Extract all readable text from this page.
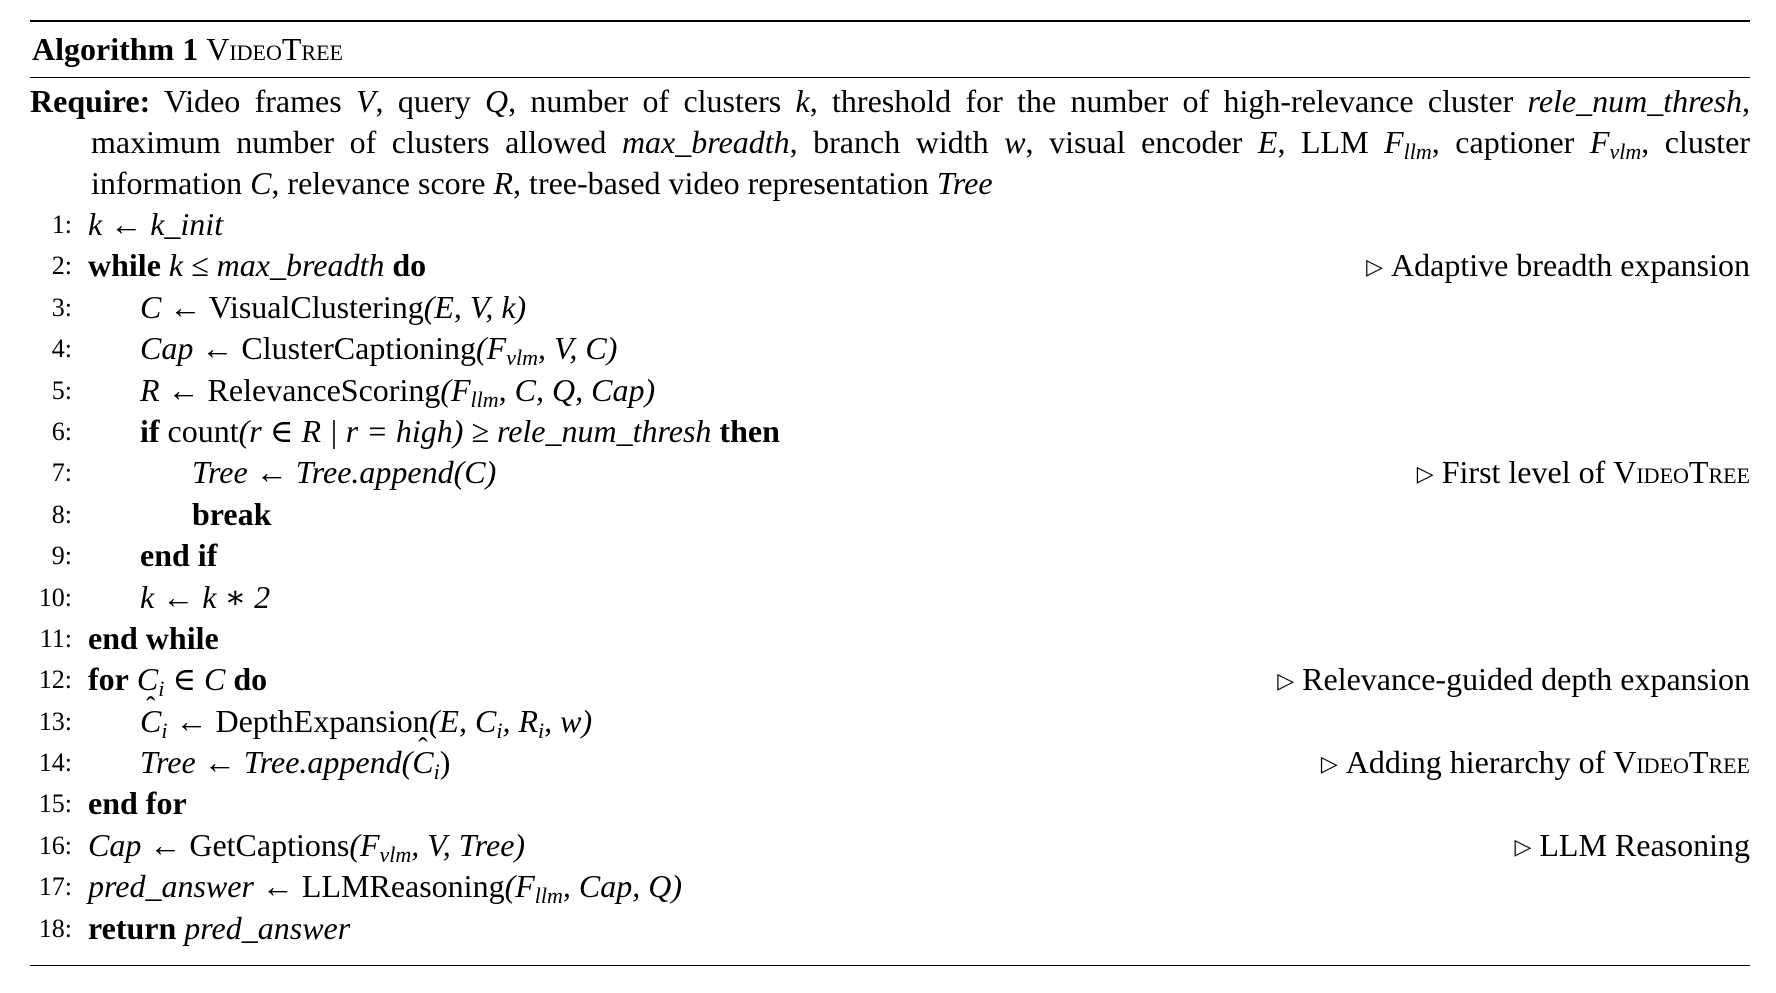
Algorithm 1 VideoTree
Require: Video frames V, query Q, number of clusters k, threshold for the number of high-relevance cluster rele_num_thresh, maximum number of clusters allowed max_breadth, branch width w, visual encoder E, LLM $F_{llm}$, captioner $F_{vlm}$, cluster information C, relevance score R, tree-based video representation Tree
1: k ← k_init
2: while k ≤ max_breadth do	▷ Adaptive breadth expansion
3: C ← VisualClustering(E, V, k)
4: Cap ← $ClusterCaptioning(F_{vlm}$, V, C)
5: R ← $RelevanceScoring(F_{llm}$, C, Q, Cap)
6: if count(r ∈ R | r = high) ≥ rele_num_thresh then
7:	Tree ← Tree.append(C)	▷ First level of VideoTree
8:	break
9: end if
10: k ← k ∗ 2
11: end while
12: for $C_i$ ∈ C do	▷ Relevance-guided depth expansion
13:
ˆ $C_i$ ← DepthExpansion(E, $C_i$, $R_i$, w)
14: Tree ← Tree.append(ˆ $C_i$)	▷ Adding hierarchy of VideoTree
15: end for
16: Cap ← $GetCaptions(F_{vlm}$, V, Tree)	▷ LLM Reasoning
17: pred_answer ← $LLMReasoning(F_{llm}$, Cap, Q)
18: return pred_answer
